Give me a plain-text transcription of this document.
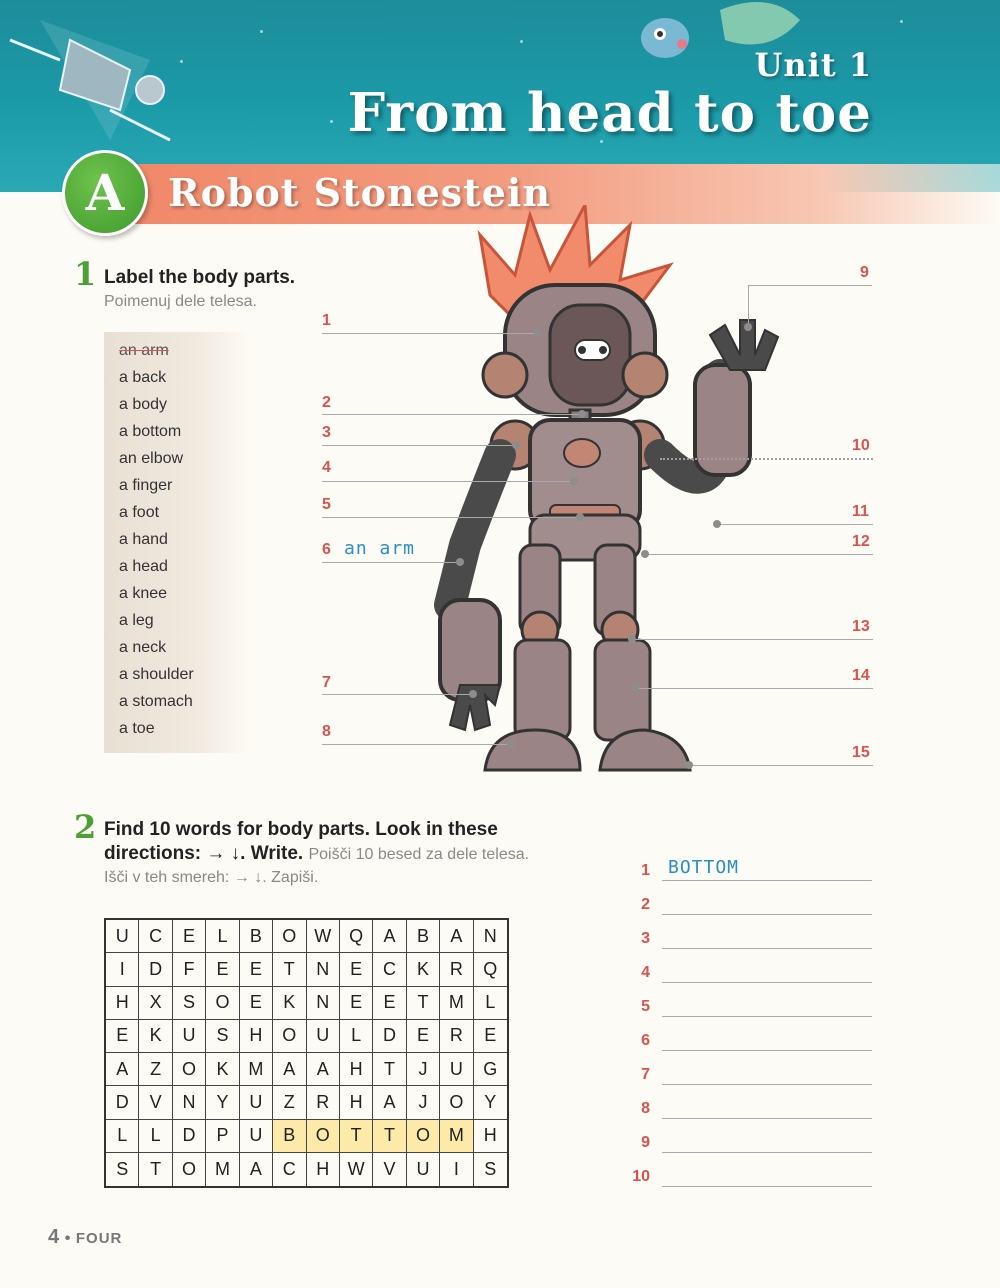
Unit 1
From head to toe
Robot Stonestein
A
1 Label the body parts.
Poimenuj dele telesa.
an arm
a back
a body
a bottom
an elbow
a finger
a foot
a hand
a head
a knee
a leg
a neck
a shoulder
a stomach
a toe
1
2
3
4
5
6 an arm
7
8
9
10
11
12
13
14
15
2 Find 10 words for body parts. Look in these
directions: → ↓. Write. Poišči 10 besed za dele telesa.
Išči v teh smereh: → ↓. Zapiši.
U	C	E	L	B	O W Q	A	B	A	N
I	D	F	E	E	T	N	E	C	K	R	Q
H	X	S	O	E	K	N	E	E	T	M	L
E	K	U	S	H	O	U	L	D	E	R	E
A	Z	O	K	M	A	A	H	T	J	U	G
D	V	N	Y	U	Z	R	H	A	J	O	Y
L	L	D	P	U	B	O	T	T	O	M	H
S	T	O	M	A	C	H	W	V	U	I	S
1 BOTTOM
2
3
4
5
6
7
8
9
10
4 • FOUR
